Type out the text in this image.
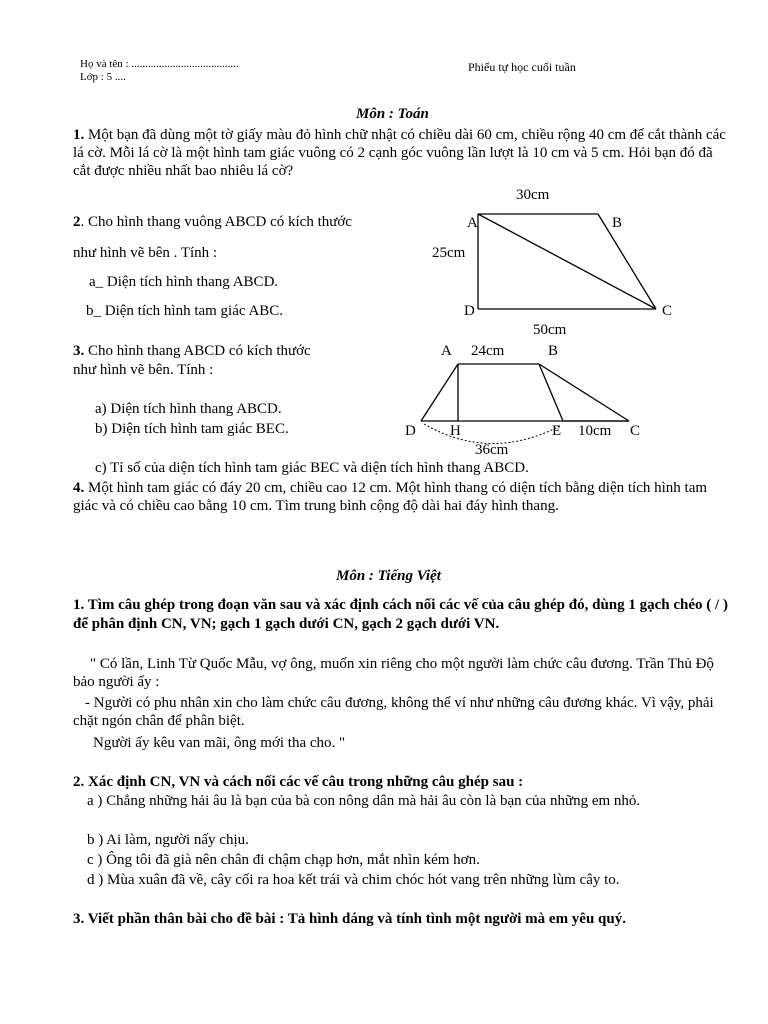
Họ và tên : .......................................
Lớp : 5 ....
Phiếu tự học cuối tuần
Môn : Toán
1. Một bạn đã dùng một tờ giấy màu đỏ hình chữ nhật có chiều dài 60 cm, chiều rộng 40 cm để cắt thành các lá cờ. Mỗi lá cờ là một hình tam giác vuông có 2 cạnh góc vuông lần lượt là 10 cm và 5 cm. Hỏi bạn đó đã cắt được nhiều nhất bao nhiêu lá cờ?
2. Cho hình thang vuông ABCD có kích thước
như hình vẽ bên . Tính :
a_ Diện tích hình thang ABCD.
b_ Diện tích hình tam giác ABC.
30cm
25cm
50cm
A	B
C
D
3. Cho hình thang ABCD có kích thước
như hình vẽ bên. Tính :
a) Diện tích hình thang ABCD.
b) Diện tích hình tam giác BEC.
c) Tỉ số của diện tích hình tam giác BEC và diện tích hình thang ABCD.
A 24cm	B
D H	E 10cm C
36cm
4. Một hình tam giác có đáy 20 cm, chiều cao 12 cm. Một hình thang có diện tích bằng diện tích hình tam giác và có chiều cao bằng 10 cm. Tìm trung bình cộng độ dài hai đáy hình thang.
Môn : Tiếng Việt
1. Tìm câu ghép trong đoạn văn sau và xác định cách nối các vế của câu ghép đó, dùng 1 gạch chéo ( / ) để phân định CN, VN; gạch 1 gạch dưới CN, gạch 2 gạch dưới VN.
" Có lần, Linh Từ Quốc Mẫu, vợ ông, muốn xin riêng cho một người làm chức câu đương. Trần Thủ Độ bảo người ấy :
- Người có phu nhân xin cho làm chức câu đương, không thể ví như những câu đương khác. Vì vậy, phải chặt ngón chân để phân biệt.
Người ấy kêu van mãi, ông mới tha cho. "
2. Xác định CN, VN và cách nối các vế câu trong những câu ghép sau :
a ) Chẳng những hải âu là bạn của bà con nông dân mà hải âu còn là bạn của những em nhỏ.
b ) Ai làm, người nấy chịu.
c ) Ông tôi đã già nên chân đi chậm chạp hơn, mắt nhìn kém hơn.
d ) Mùa xuân đã về, cây cối ra hoa kết trái và chim chóc hót vang trên những lùm cây to.
3. Viết phần thân bài cho đề bài : Tả hình dáng và tính tình một người mà em yêu quý.
